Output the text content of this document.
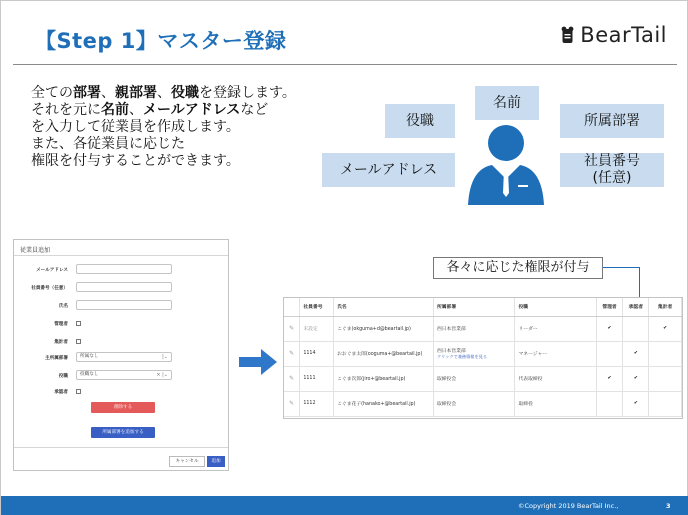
【Step 1】マスター登録	BearTail
全ての部署、親部署、役職を登録します。
それを元に名前、メールアドレスなど
を入力して従業員を作成します。
また、各従業員に応じた
権限を付与することができます。
名前
役職	所属部署
メールアドレス
社員番号
(任意)
従業員追加
メールアドレス
社員番号（任意）
氏名
管理者
集計者
主所属部署	所属なし	|⌄
役職	役職なし	× |⌄
承認者
削除する
所属部署を追加する
キャンセル	追加
各々に応じた権限が付与
	社員番号	氏名	所属部署	役職	管理者	承認者	集計者
✎	未設定	こぐま(okguma+d@beartail.jp)	西日本営業部	リーダー	✔		✔
✎	1114	おおぐま太郎(ooguma+@beartail.jp)	西日本営業部
クリックで兼務情報を見る	マネージャー		✔	
✎	1111	こぐま次郎(jiro+@beartail.jp)	取締役会	代表取締役	✔	✔	
✎	1112	こぐま花子(hanako+@beartail.jp)	取締役会	取締役		✔	
©Copyright 2019 BearTail Inc.,	3
